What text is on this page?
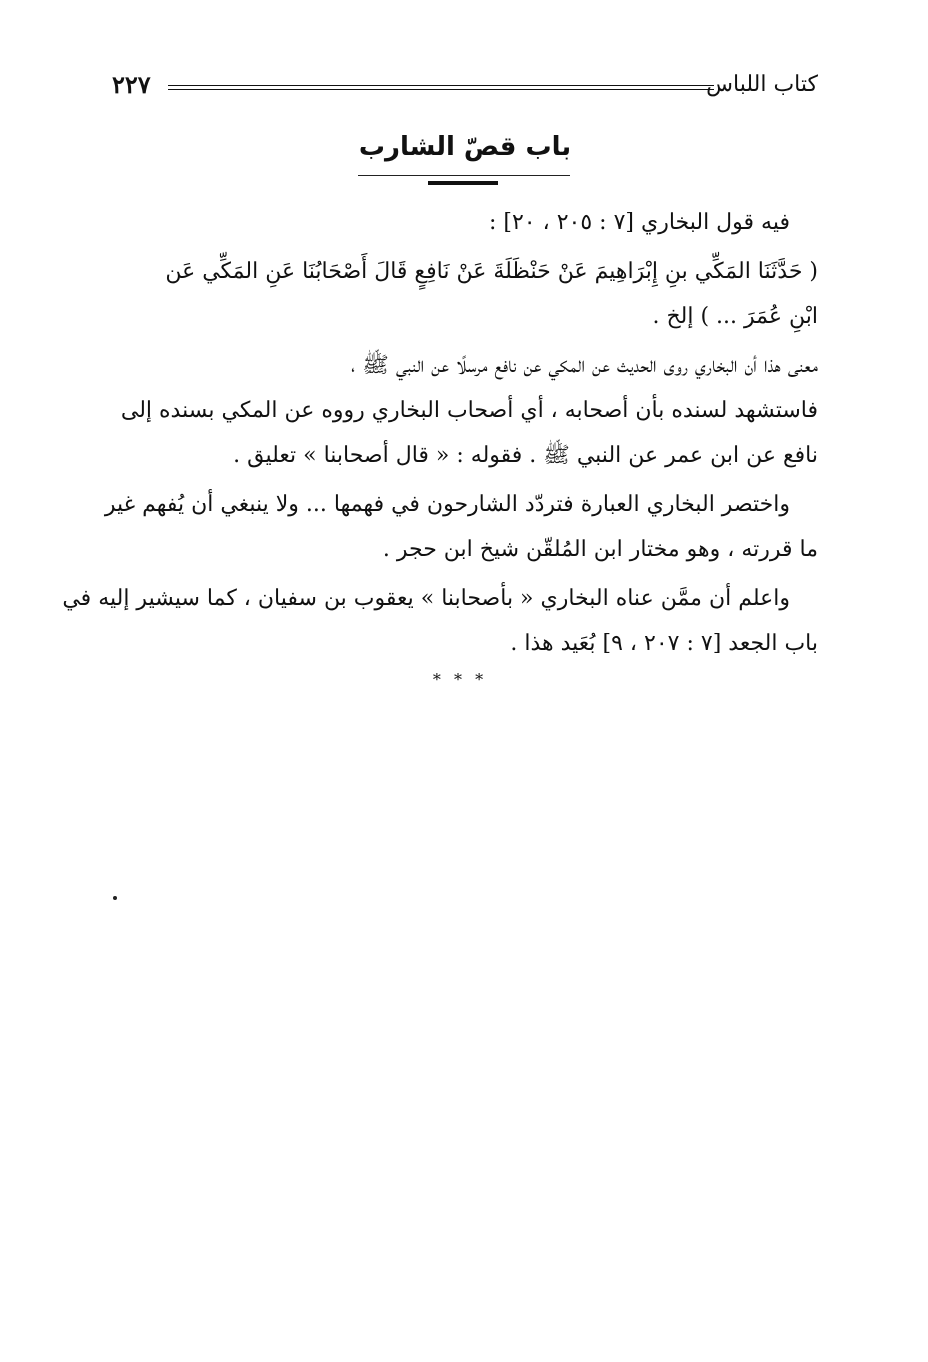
كتاب اللباس
٢٢٧
باب قصّ الشارب
فيه قول البخاري [٧ : ٢٠٥ ، ٢٠] :
( حَدَّثَنَا المَكِّي بنِ إِبْرَاهِيمَ عَنْ حَنْظَلَةَ عَنْ نَافِعٍ قَالَ أَصْحَابُنَا عَنِ المَكِّي عَن
ابْنِ عُمَرَ ... ) إلخ .
معنى هذا أن البخاري روى الحديث عن المكي عن نافع مرسلًا عن النبي ﷺ ،
فاستشهد لسنده بأن أصحابه ، أي أصحاب البخاري رووه عن المكي بسنده إلى
نافع عن ابن عمر عن النبي ﷺ . فقوله : « قال أصحابنا » تعليق .
واختصر البخاري العبارة فتردّد الشارحون في فهمها ... ولا ينبغي أن يُفهم غير
ما قررته ، وهو مختار ابن المُلقّن شيخ ابن حجر .
واعلم أن ممَّن عناه البخاري « بأصحابنا » يعقوب بن سفيان ، كما سيشير إليه في
باب الجعد [٧ : ٢٠٧ ، ٩] بُعَيد هذا .
* * *
